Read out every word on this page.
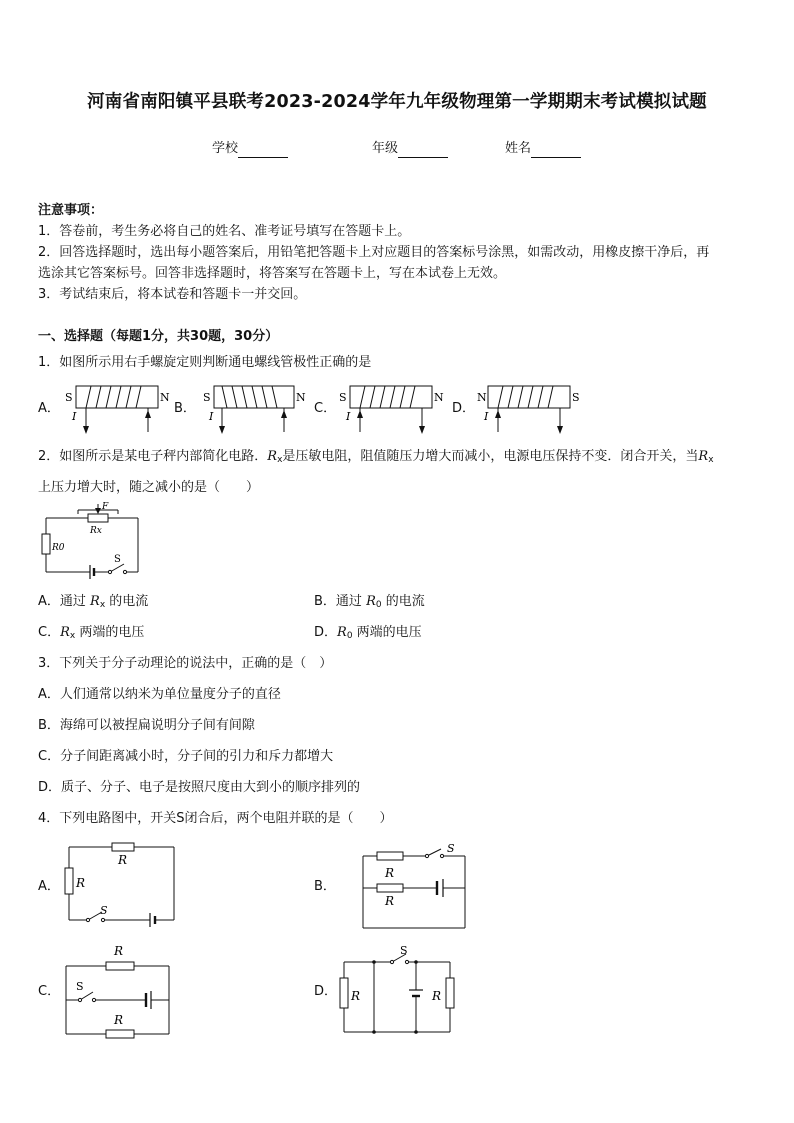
河南省南阳镇平县联考2023-2024学年九年级物理第一学期期末考试模拟试题
学校	年级	姓名
注意事项：
1．答卷前，考生务必将自己的姓名、准考证号填写在答题卡上。
2．回答选择题时，选出每小题答案后，用铅笔把答题卡上对应题目的答案标号涂黑，如需改动，用橡皮擦干净后，再
选涂其它答案标号。回答非选择题时，将答案写在答题卡上，写在本试卷上无效。
3．考试结束后，将本试卷和答题卡一并交回。
一、选择题（每题1分，共30题，30分）
1．如图所示用右手螺旋定则判断通电螺线管极性正确的是
A．
S	N
I
B．
S	N
I
C．
S	N
I
D．
N	S
I
2．如图所示是某电子秤内部简化电路．$R_x$是压敏电阻，阻值随压力增大而减小，电源电压保持不变．闭合开关，当$R_x$
上压力增大时，随之减小的是（　　）
F
Rx
R0
S
A．通过 $R_x$ 的电流	B．通过 $R_0$ 的电流
C．$R_x$ 两端的电压	D．$R_0$ 两端的电压
3．下列关于分子动理论的说法中，正确的是（　）
A．人们通常以纳米为单位量度分子的直径
B．海绵可以被捏扁说明分子间有间隙
C．分子间距离减小时，分子间的引力和斥力都增大
D．质子、分子、电子是按照尺度由大到小的顺序排列的
4．下列电路图中，开关S闭合后，两个电阻并联的是（　　）
A．
R
R
S
B．
S
R
R
C．
R
S
R
D．
S
R	R
